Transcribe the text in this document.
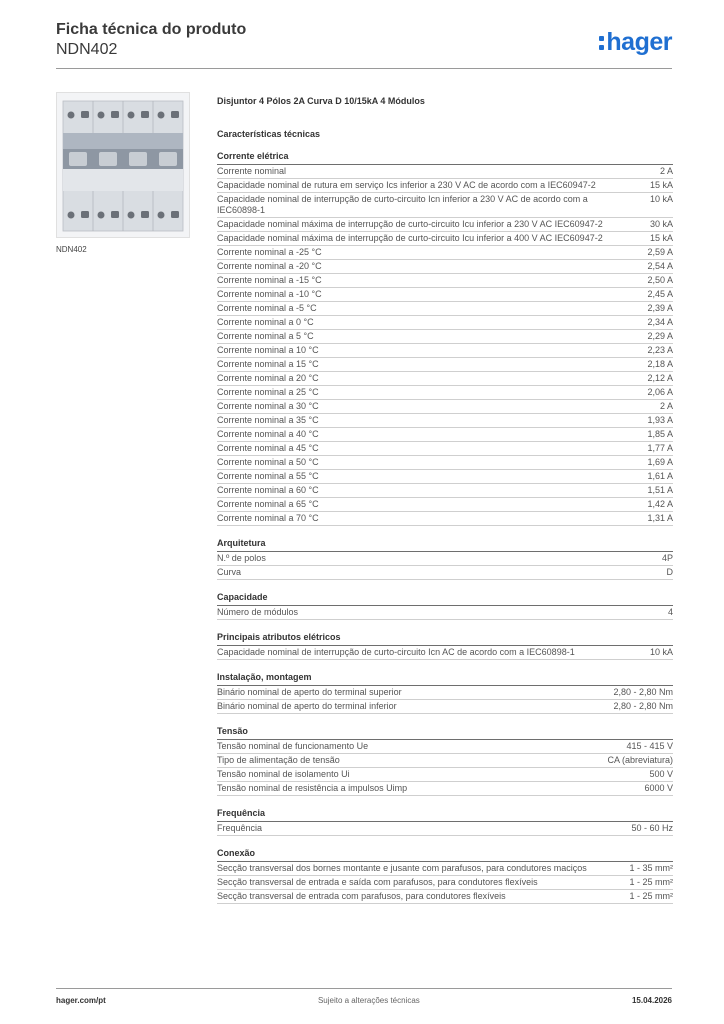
Ficha técnica do produto
NDN402	hager
NDN402
Disjuntor 4 Pólos 2A Curva D 10/15kA 4 Módulos
Características técnicas
Corrente elétrica
Corrente nominal	2 A
Capacidade nominal de rutura em serviço Ics inferior a 230 V AC de acordo com a IEC60947-2	15 kA
Capacidade nominal de interrupção de curto-circuito Icn inferior a 230 V AC de acordo com a IEC60898-1
10 kA
Capacidade nominal máxima de interrupção de curto-circuito Icu inferior a 230 V AC IEC60947-2	30 kA
Capacidade nominal máxima de interrupção de curto-circuito Icu inferior a 400 V AC IEC60947-2	15 kA
Corrente nominal a -25 °C	2,59 A
Corrente nominal a -20 °C	2,54 A
Corrente nominal a -15 °C	2,50 A
Corrente nominal a -10 °C	2,45 A
Corrente nominal a -5 °C	2,39 A
Corrente nominal a 0 °C	2,34 A
Corrente nominal a 5 °C	2,29 A
Corrente nominal a 10 °C	2,23 A
Corrente nominal a 15 °C	2,18 A
Corrente nominal a 20 °C	2,12 A
Corrente nominal a 25 °C	2,06 A
Corrente nominal a 30 °C	2 A
Corrente nominal a 35 °C	1,93 A
Corrente nominal a 40 °C	1,85 A
Corrente nominal a 45 °C	1,77 A
Corrente nominal a 50 °C	1,69 A
Corrente nominal a 55 °C	1,61 A
Corrente nominal a 60 °C	1,51 A
Corrente nominal a 65 °C	1,42 A
Corrente nominal a 70 °C	1,31 A
Arquitetura
N.º de polos	4P
Curva	D
Capacidade
Número de módulos	4
Principais atributos elétricos
Capacidade nominal de interrupção de curto-circuito Icn AC de acordo com a IEC60898-1	10 kA
Instalação, montagem
Binário nominal de aperto do terminal superior	2,80 - 2,80 Nm
Binário nominal de aperto do terminal inferior	2,80 - 2,80 Nm
Tensão
Tensão nominal de funcionamento Ue	415 - 415 V
Tipo de alimentação de tensão	CA (abreviatura)
Tensão nominal de isolamento Ui	500 V
Tensão nominal de resistência a impulsos Uimp	6000 V
Frequência
Frequência	50 - 60 Hz
Conexão
Secção transversal dos bornes montante e jusante com parafusos, para condutores maciços	1 - 35 mm²
Secção transversal de entrada e saída com parafusos, para condutores flexíveis	1 - 25 mm²
Secção transversal de entrada com parafusos, para condutores flexíveis	1 - 25 mm²
hager.com/pt	Sujeito a alterações técnicas	15.04.2026
